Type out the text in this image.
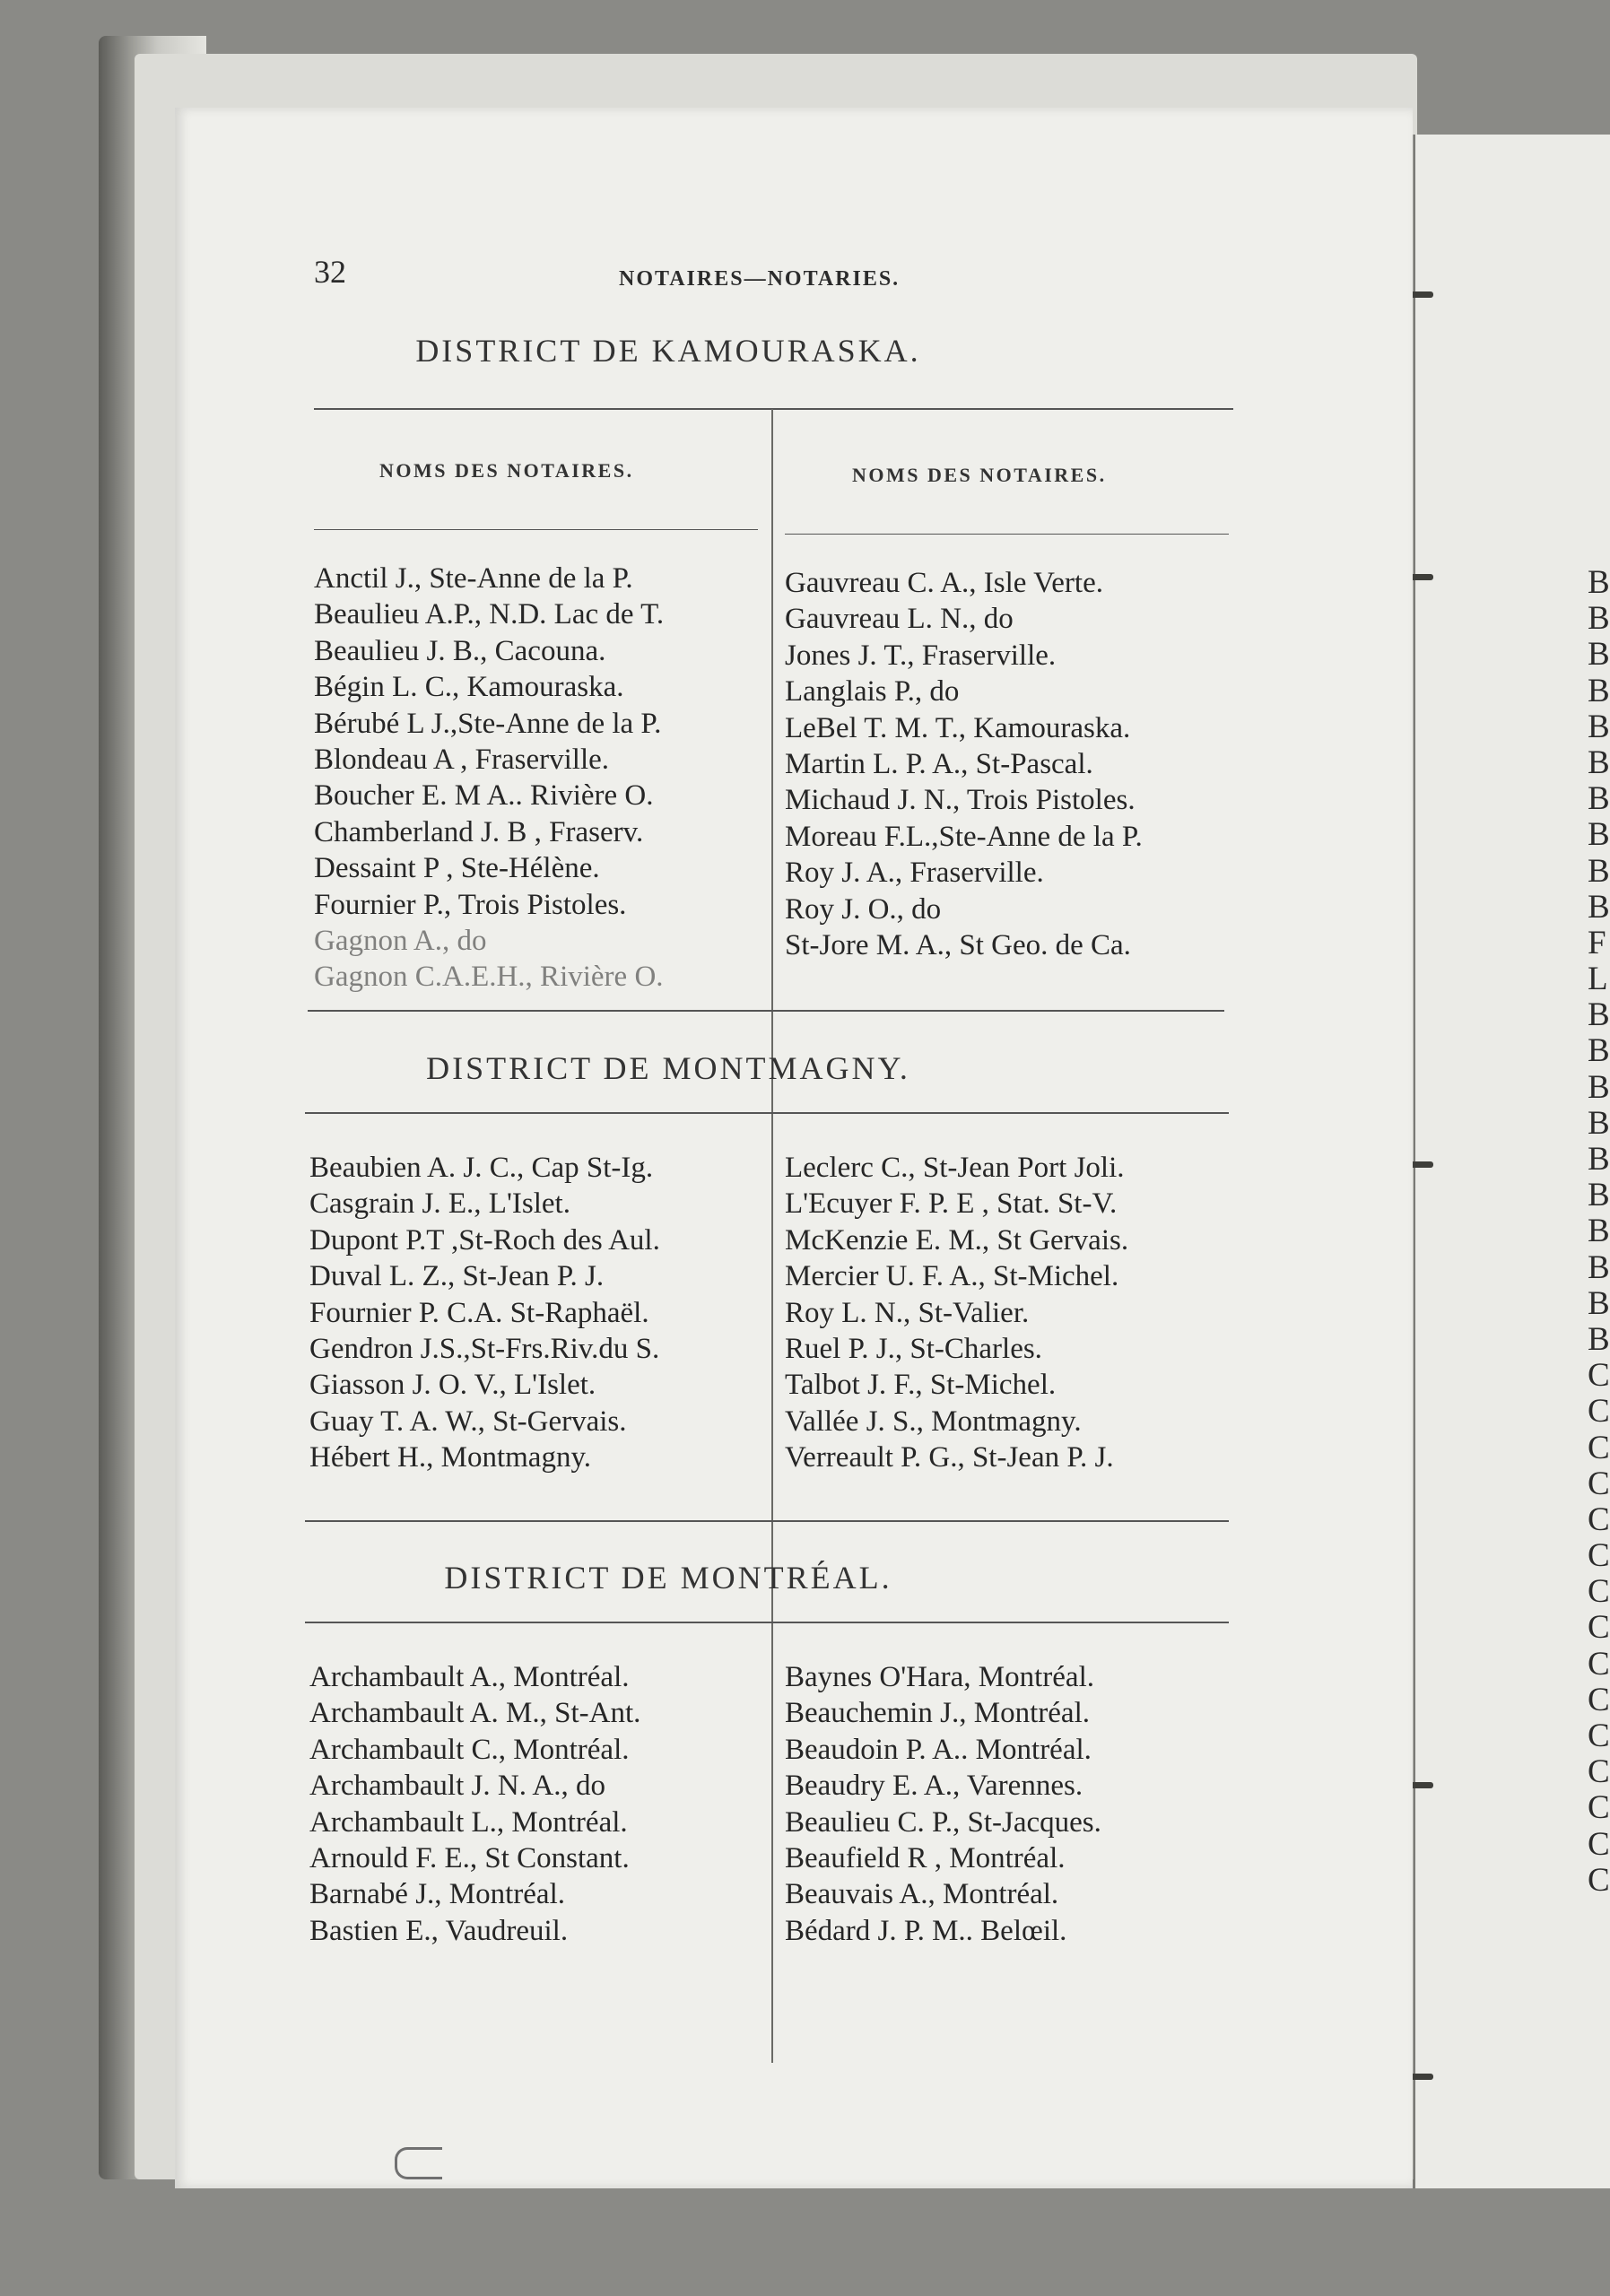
32	NOTAIRES—NOTARIES.
DISTRICT DE KAMOURASKA.
NOMS DES NOTAIRES.	NOMS DES NOTAIRES.
Anctil J., Ste-Anne de la P.
Beaulieu A.P., N.D. Lac de T.
Beaulieu J. B., Cacouna.
Bégin L. C., Kamouraska.
Bérubé L J.,Ste-Anne de la P.
Blondeau A , Fraserville.
Boucher E. M A.. Rivière O.
Chamberland J. B , Fraserv.
Dessaint P , Ste-Hélène.
Fournier P., Trois Pistoles.
Gagnon A., do
Gagnon C.A.E.H., Rivière O.
Gauvreau C. A., Isle Verte.
Gauvreau L. N., do
Jones J. T., Fraserville.
Langlais P., do
LeBel T. M. T., Kamouraska.
Martin L. P. A., St-Pascal.
Michaud J. N., Trois Pistoles.
Moreau F.L.,Ste-Anne de la P.
Roy J. A., Fraserville.
Roy J. O., do
St-Jore M. A., St Geo. de Ca.
DISTRICT DE MONTMAGNY.
Beaubien A. J. C., Cap St-Ig.
Casgrain J. E., L'Islet.
Dupont P.T ,St-Roch des Aul.
Duval L. Z., St-Jean P. J.
Fournier P. C.A. St-Raphaël.
Gendron J.S.,St-Frs.Riv.du S.
Giasson J. O. V., L'Islet.
Guay T. A. W., St-Gervais.
Hébert H., Montmagny.
Leclerc C., St-Jean Port Joli.
L'Ecuyer F. P. E , Stat. St-V.
McKenzie E. M., St Gervais.
Mercier U. F. A., St-Michel.
Roy L. N., St-Valier.
Ruel P. J., St-Charles.
Talbot J. F., St-Michel.
Vallée J. S., Montmagny.
Verreault P. G., St-Jean P. J.
DISTRICT DE MONTRÉAL.
Archambault A., Montréal.
Archambault A. M., St-Ant.
Archambault C., Montréal.
Archambault J. N. A., do
Archambault L., Montréal.
Arnould F. E., St Constant.
Barnabé J., Montréal.
Bastien E., Vaudreuil.
Baynes O'Hara, Montréal.
Beauchemin J., Montréal.
Beaudoin P. A.. Montréal.
Beaudry E. A., Varennes.
Beaulieu C. P., St-Jacques.
Beaufield R , Montréal.
Beauvais A., Montréal.
Bédard J. P. M.. Belœil.
B
B
B
B
B
B
B
B
B
B
F
L
B
B
B
B
B
B
B
B
B
B
C
C
C
C
C
C
C
C
C
C
C
C
C
C
C
